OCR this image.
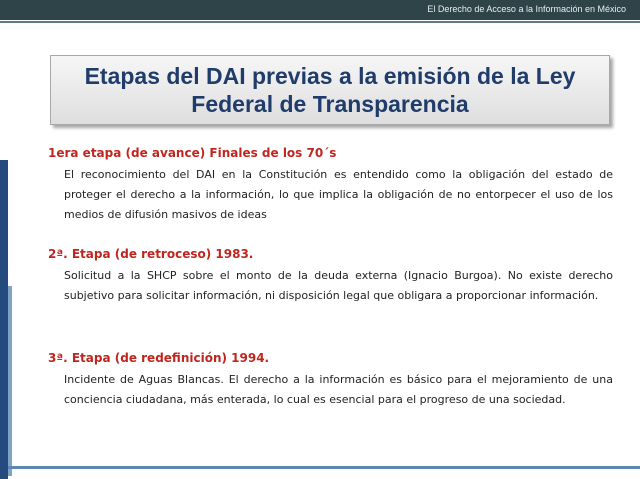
El Derecho de Acceso a la Información en México
Etapas del DAI previas a la emisión de la Ley Federal de Transparencia
1era etapa (de avance) Finales de los 70´s
El reconocimiento del DAI en la Constitución es entendido como la obligación del estado de proteger el derecho a la información, lo que implica la obligación de no entorpecer el uso de los medios de difusión masivos de ideas
2ª. Etapa (de retroceso) 1983.
Solicitud a la SHCP sobre el monto de la deuda externa (Ignacio Burgoa). No existe derecho subjetivo para solicitar información, ni disposición legal que obligara a proporcionar información.
3ª. Etapa (de redefinición) 1994.
Incidente de Aguas Blancas. El derecho a la información es básico para el mejoramiento de una conciencia ciudadana, más enterada, lo cual es esencial para el progreso de una sociedad.
